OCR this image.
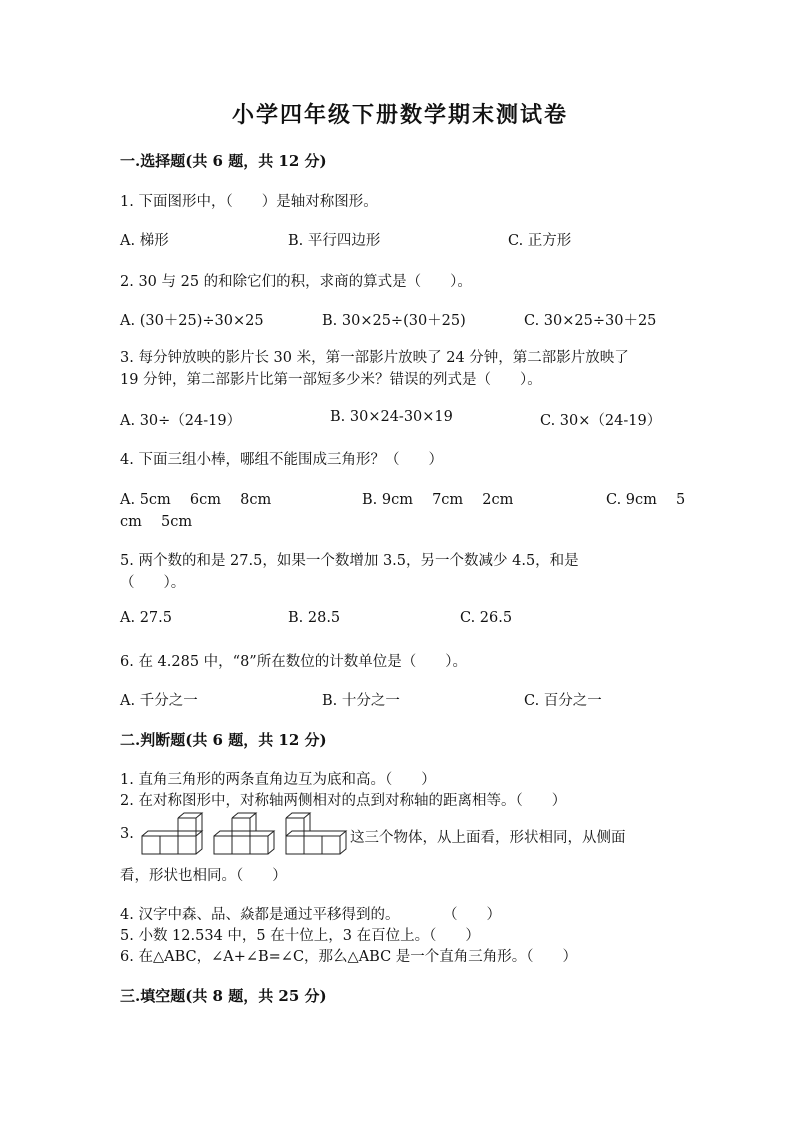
小学四年级下册数学期末测试卷
一.选择题(共 6 题，共 12 分)
1. 下面图形中，（　　）是轴对称图形。
A. 梯形	B. 平行四边形	C. 正方形
2. 30 与 25 的和除它们的积，求商的算式是（　　）。
A. (30＋25)÷30×25	B. 30×25÷(30＋25)	C. 30×25÷30＋25
3. 每分钟放映的影片长 30 米，第一部影片放映了 24 分钟，第二部影片放映了
19 分钟，第二部影片比第一部短多少米？错误的列式是（　　）。
A. 30÷（24-19）	B. 30×24-30×19	C. 30×（24-19）
4. 下面三组小棒，哪组不能围成三角形？（　　）
A. 5cm　 6cm　 8cm	B. 9cm　 7cm　 2cm	C. 9cm　 5
cm　 5cm
5. 两个数的和是 27.5，如果一个数增加 3.5，另一个数减少 4.5，和是
（　　）。
A. 27.5	B. 28.5	C. 26.5
6. 在 4.285 中，“8”所在数位的计数单位是（　　）。
A. 千分之一	B. 十分之一	C. 百分之一
二.判断题(共 6 题，共 12 分)
1. 直角三角形的两条直角边互为底和高。（　　）
2. 在对称图形中，对称轴两侧相对的点到对称轴的距离相等。（　　）
3.	这三个物体，从上面看，形状相同，从侧面
看，形状也相同。（　　）
4. 汉字中森、品、焱都是通过平移得到的。　　　　（　　）
5. 小数 12.534 中，5 在十位上，3 在百位上。（　　）
6. 在△ABC，∠A+∠B=∠C，那么△ABC 是一个直角三角形。（　　）
三.填空题(共 8 题，共 25 分)
